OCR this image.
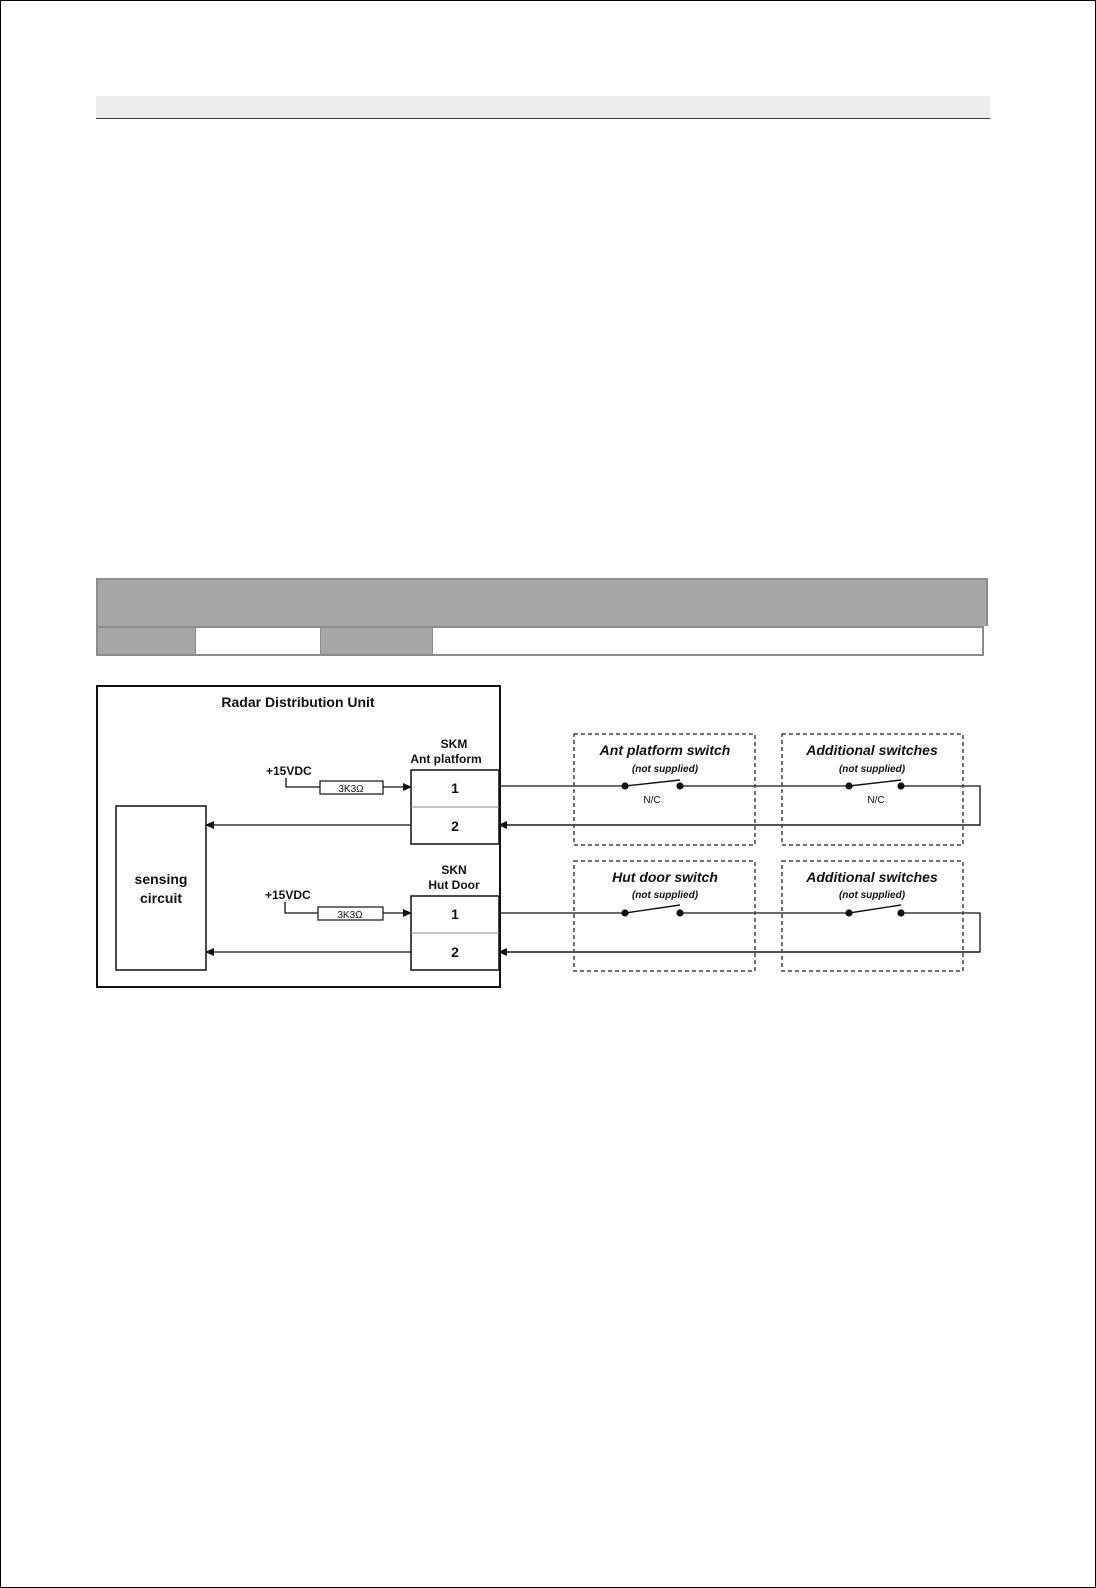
Radar Distribution Unit
sensing
circuit
SKM
Ant platform
1
2
SKN
Hut Door
1
2
+15VDC
3K3Ω
+15VDC
3K3Ω
Ant platform switch
(not supplied)
Additional switches
(not supplied)
Hut door switch
(not supplied)
Additional switches
(not supplied)
N/C	N/C
